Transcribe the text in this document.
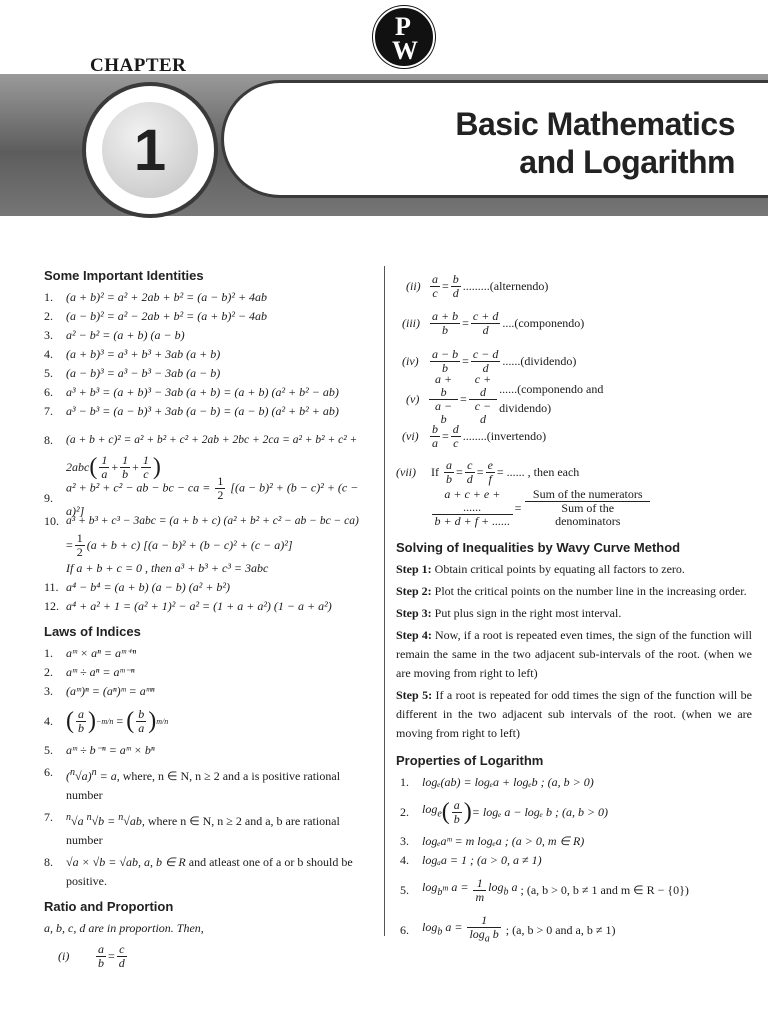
Basic Mathematics
and Logarithm
CHAPTER
1
P
W
Some Important Identities
1.	(a + b)² = a² + 2ab + b² = (a − b)² + 4ab
2.	(a − b)² = a² − 2ab + b² = (a + b)² − 4ab
3.	a² − b² = (a + b) (a − b)
4.	(a + b)³ = a³ + b³ + 3ab (a + b)
5.	(a − b)³ = a³ − b³ − 3ab (a − b)
6.	a³ + b³ = (a + b)³ − 3ab (a + b) = (a + b) (a² + b² − ab)
7.	a³ − b³ = (a − b)³ + 3ab (a − b) = (a − b) (a² + b² + ab)
8.	(a + b + c)² = a² + b² + c² + 2ab + 2bc + 2ca = a² + b² + c² +
2abc ( 1
a + 1
b + 1
c )
9.
a² + b² + c² − ab − bc − ca = $\frac{1}{2} [(a - b)^2 + (b - c)^2 + (c - a)^2]$
10. a³ + b³ + c³ − 3abc = (a + b + c) (a² + b² + c² − ab − bc − ca)
= 1
2 (a + b + c) [(a − b)² + (b − c)² + (c − a)²]
If a + b + c = 0 , then a³ + b³ + c³ = 3abc
11. a⁴ − b⁴ = (a + b) (a − b) (a² + b²)
12. a⁴ + a² + 1 = (a² + 1)² − a² = (1 + a + a²) (1 − a + a²)
Laws of Indices
1.	aᵐ × aⁿ = aᵐ⁺ⁿ
2.	aᵐ ÷ aⁿ = aᵐ⁻ⁿ
3.	(aᵐ)ⁿ = (aⁿ)ᵐ = aᵐⁿ
4. ( a
b ) −m/n = ( b
a ) m/n
5.	aᵐ ÷ b⁻ⁿ = aᵐ × bⁿ
6.	$(^n√a)^n = a$, where, n ∈ N, n ≥ 2 and a is positive rational number
7.	$^n$√a $^n$√b = $^n$√ab, where n ∈ N, n ≥ 2 and a, b are rational number
8.	√a × √b = √ab, a, b ∈ R and atleast one of a or b should be positive.
Ratio and Proportion
a, b, c, d are in proportion. Then,
(i)	a
b = c
d
(ii) a
c = b
d .........(alternendo)
(iii)	a + b
b	= c + d
d	....(componendo)
(iv)	a − b
b	= c − d
d	......(dividendo)
(v)
a + b
a − b
=
c + d
c − d
......(componendo and dividendo)
(vi)	b
a = d
c ........(invertendo)
(vii)	If a
b = c
$d = \frac{e}{f}$ = ...... , then each
a + c + e + ......
b + d + f + ......
=
Sum of the numerators
Sum of the denominators
Solving of Inequalities by Wavy Curve Method
Step 1: Obtain critical points by equating all factors to zero.
Step 2: Plot the critical points on the number line in the increasing order.
Step 3: Put plus sign in the right most interval.
Step 4: Now, if a root is repeated even times, the sign of the function will remain the same in the two adjacent sub-intervals of the root. (when we are moving from right to left)
Step 5: If a root is repeated for odd times the sign of the function will be different in the two adjacent sub intervals of the root. (when we are moving from right to left)
Properties of Logarithm
1.	logₑ(ab) = logₑa + logₑb ; (a, b > 0)
2.	$\log_e$ ( a
b ) = logₑ a − logₑ b ; (a, b > 0)
3.	logₑaᵐ = m logₑa ; (a > 0, m ∈ R)
4.	logₐa = 1 ; (a > 0, a ≠ 1)
5.	$\log_{b^m} a$ =
$\frac{1}{m} \log_b a$
; (a, b > 0, b ≠ 1 and m ∈ R − {0})
6.	$\log_b a$ =
$\frac{1}{\log_a b}$
; (a, b > 0 and a, b ≠ 1)
